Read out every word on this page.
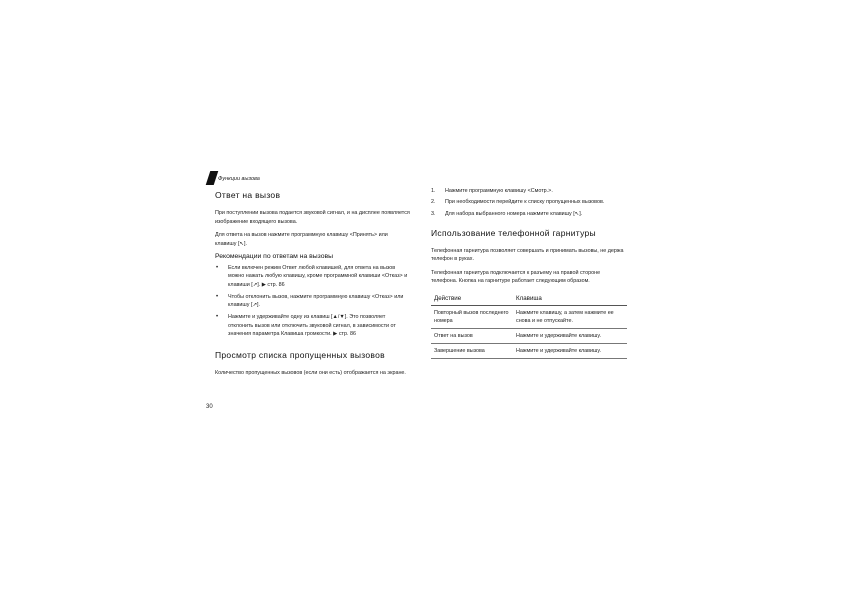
Функции вызова
Ответ на вызов

При поступлении вызова подается звуковой сигнал, и на дисплее появляется изображение входящего вызова.

Для ответа на вызов нажмите программную клавишу <Принять> или клавишу [↖].

Рекомендации по ответам на вызовы
• Если включен режим Ответ любой клавишей, для ответа на вызов можно нажать любую клавишу, кроме программной клавиши <Отказ> и клавиши [↗]. ▶ стр. 86
• Чтобы отклонить вызов, нажмите программную клавишу <Отказ> или клавишу [↗].
• Нажмите и удерживайте одну из клавиш [▲/▼]. Это позволяет отклонить вызов или отключить звуковой сигнал, в зависимости от значения параметра Клавиша громкости. ▶ стр. 86
Просмотр списка пропущенных вызовов

Количество пропущенных вызовов (если они есть) отображается на экране.

1. Нажмите программную клавишу <Смотр.>.
2. При необходимости перейдите к списку пропущенных вызовов.
3. Для набора выбранного номера нажмите клавишу [↖].
Использование телефонной гарнитуры

Телефонная гарнитура позволяет совершать и принимать вызовы, не держа телефон в руках.

Телефонная гарнитура подключается к разъему на правой стороне телефона. Кнопка на гарнитуре работает следующим образом.

Действие	Клавиша
Повторный вызов последнего номера	Нажмите клавишу, а затем нажмите ее снова и не отпускайте.
Ответ на вызов	Нажмите и удерживайте клавишу.
Завершение вызова	Нажмите и удерживайте клавишу.
30
